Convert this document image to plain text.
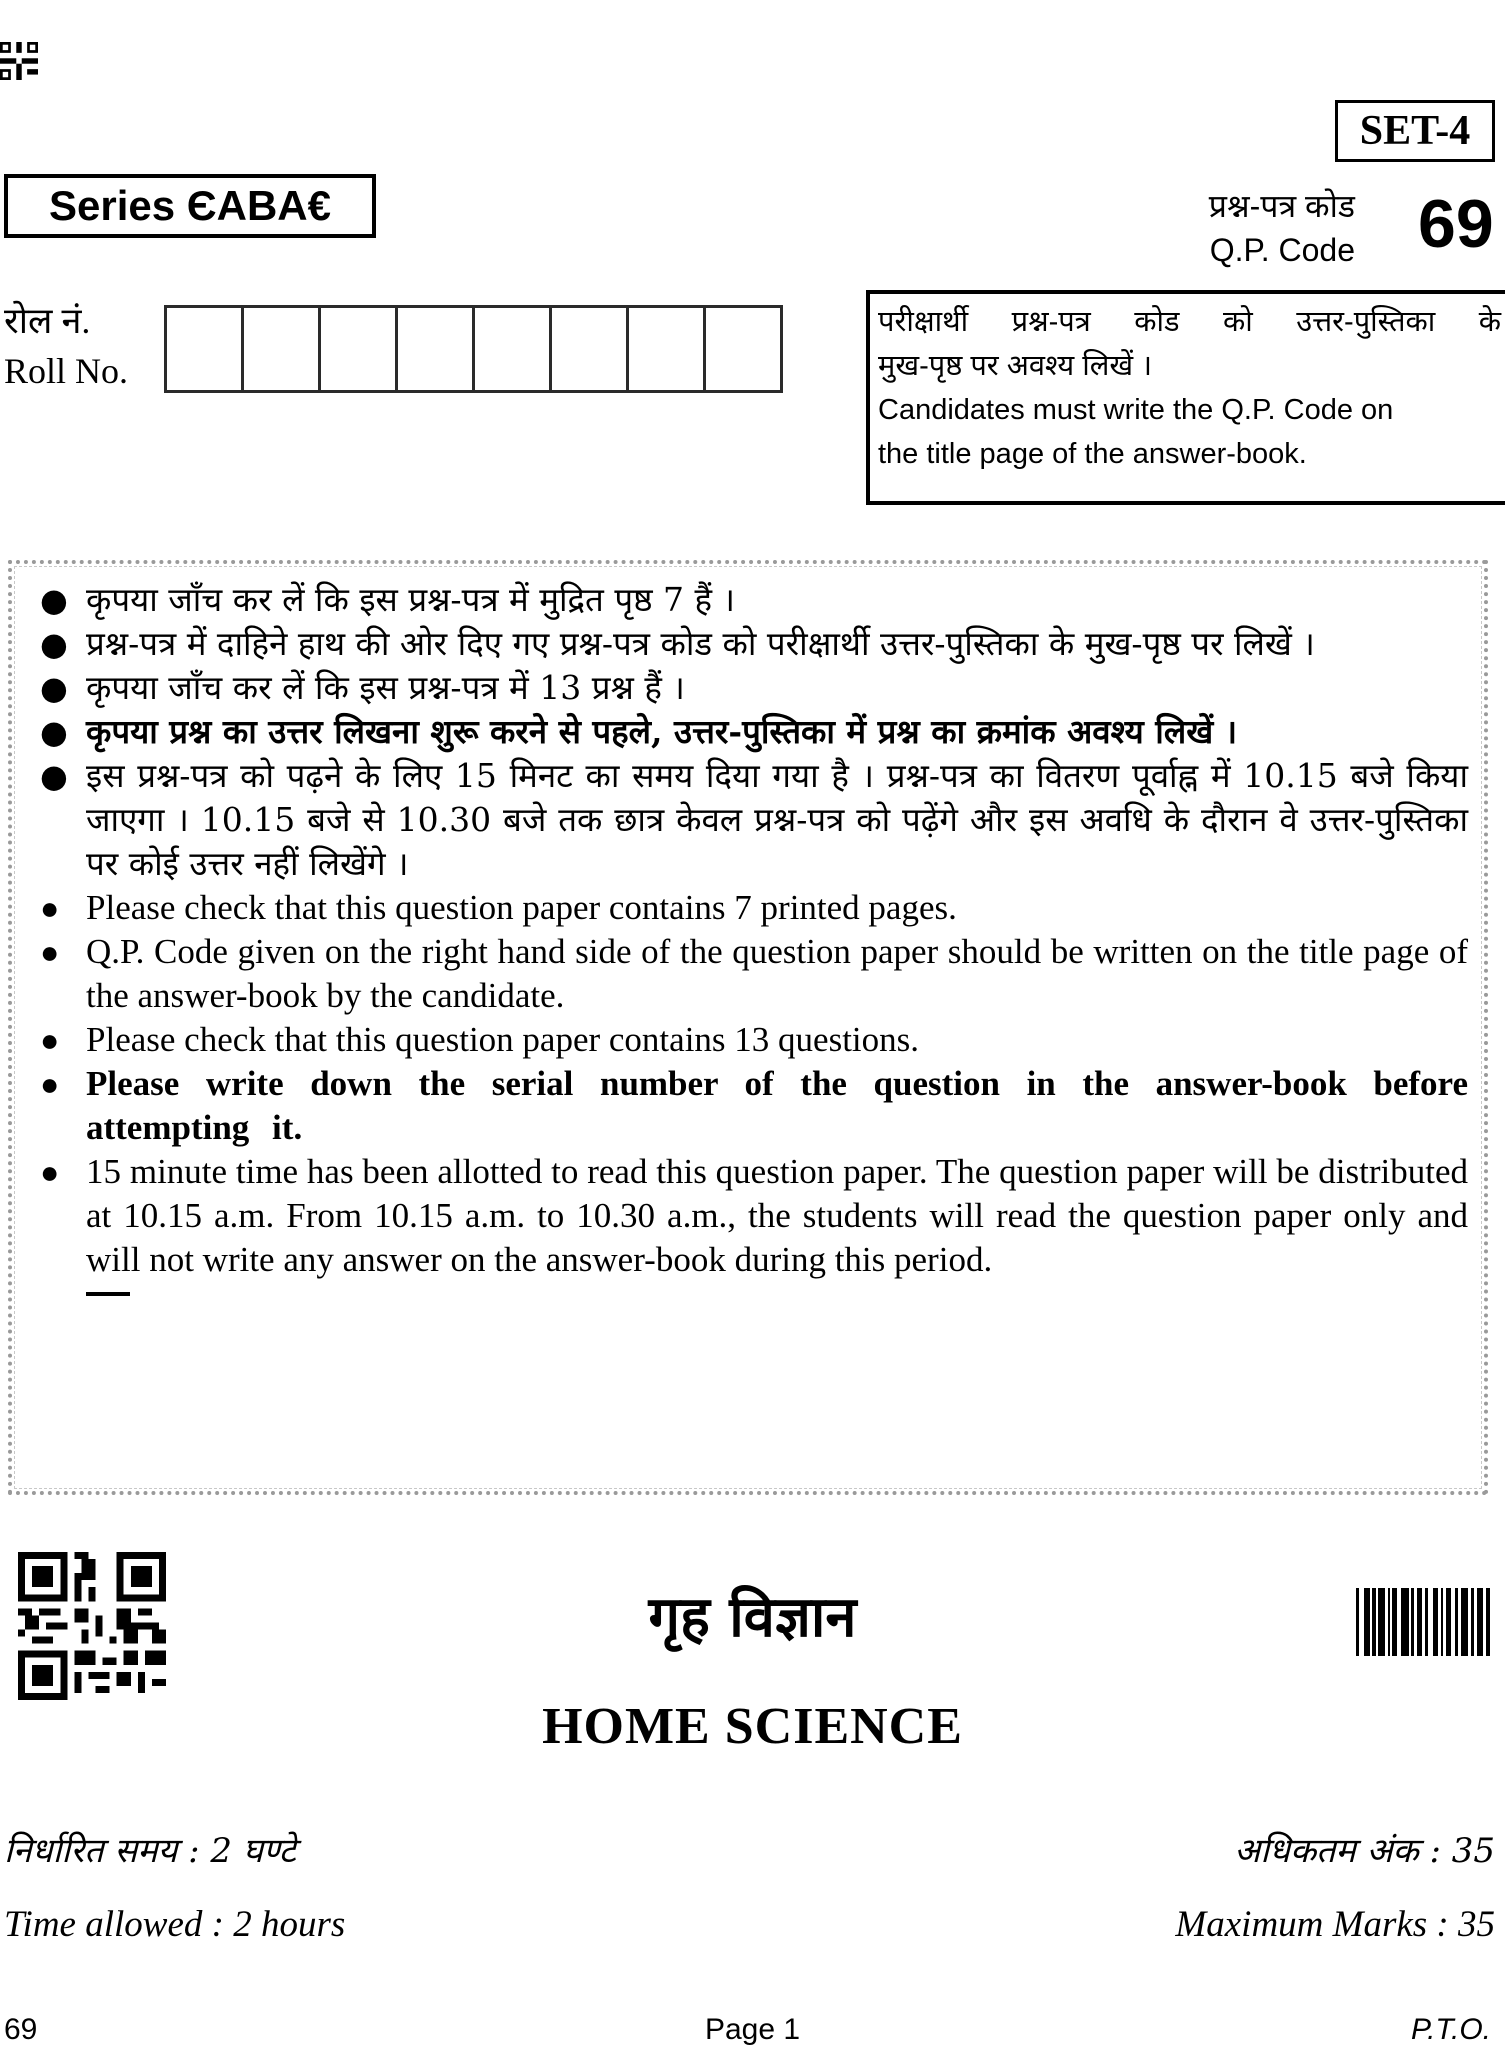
SET-4
Series ЄABA€	प्रश्न-पत्र कोड
Q.P. Code 69
रोल नं.
Roll No.
परीक्षार्थी प्रश्न-पत्र कोड को उत्तर-पुस्तिका के
मुख-पृष्ठ पर अवश्य लिखें ।
Candidates must write the Q.P. Code on
the title page of the answer-book.
● कृपया जाँच कर लें कि इस प्रश्न-पत्र में मुद्रित पृष्ठ 7 हैं ।
● प्रश्न-पत्र में दाहिने हाथ की ओर दिए गए प्रश्न-पत्र कोड को परीक्षार्थी उत्तर-पुस्तिका के मुख-पृष्ठ पर लिखें ।
● कृपया जाँच कर लें कि इस प्रश्न-पत्र में 13 प्रश्न हैं ।
● कृपया प्रश्न का उत्तर लिखना शुरू करने से पहले, उत्तर-पुस्तिका में प्रश्न का क्रमांक अवश्य लिखें ।
● इस प्रश्न-पत्र को पढ़ने के लिए 15 मिनट का समय दिया गया है । प्रश्न-पत्र का वितरण पूर्वाह्न में 10.15 बजे किया जाएगा । 10.15 बजे से 10.30 बजे तक छात्र केवल प्रश्न-पत्र को पढ़ेंगे और इस अवधि के दौरान वे उत्तर-पुस्तिका पर कोई उत्तर नहीं लिखेंगे ।
● Please check that this question paper contains 7 printed pages.
● Q.P. Code given on the right hand side of the question paper should be written on the title page of the answer-book by the candidate.
● Please check that this question paper contains 13 questions.
● Please write down the serial number of the question in the answer-book before attempting it.
● 15 minute time has been allotted to read this question paper. The question paper will be distributed at 10.15 a.m. From 10.15 a.m. to 10.30 a.m., the students will read the question paper only and will not write any answer on the answer-book during this period.
गृह विज्ञान
HOME SCIENCE
निर्धारित समय : 2 घण्टे	अधिकतम अंक : 35
Time allowed : 2 hours	Maximum Marks : 35
69	Page 1	P.T.O.
